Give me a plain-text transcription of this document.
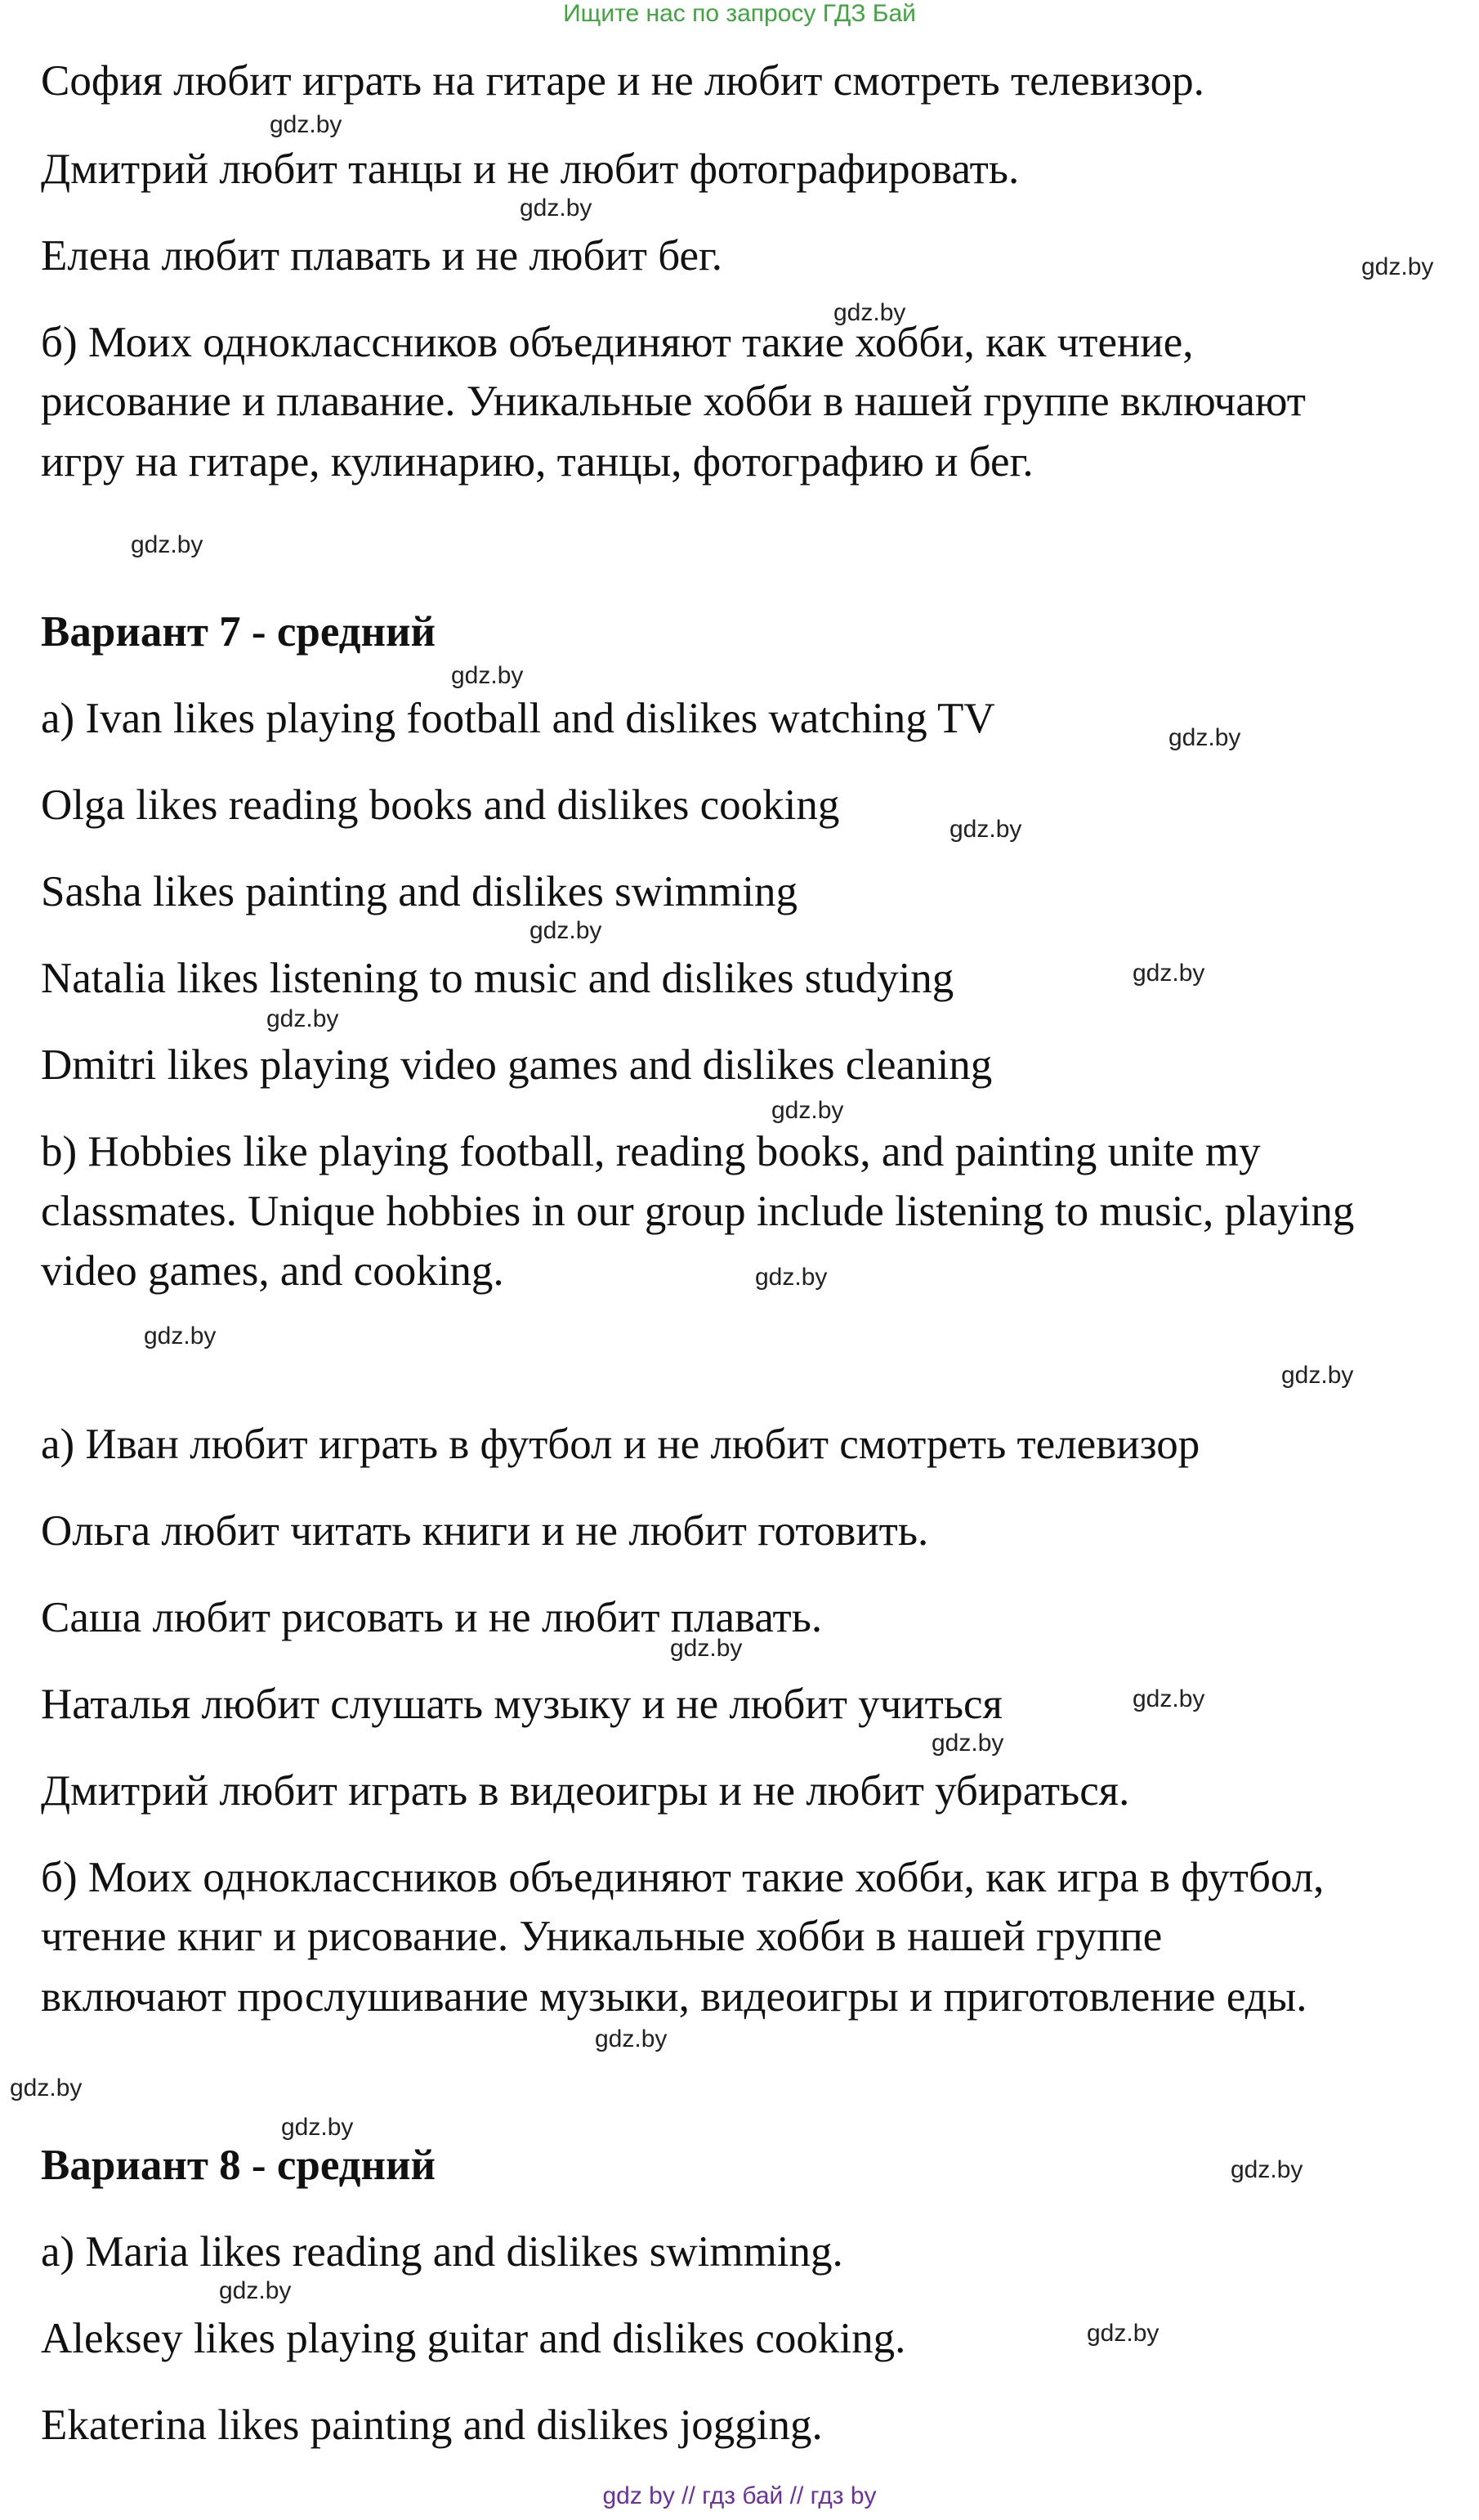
Ищите нас по запросу ГДЗ Бай

София любит играть на гитаре и не любит смотреть телевизор.

Дмитрий любит танцы и не любит фотографировать.

Елена любит плавать и не любит бег.

б) Моих одноклассников объединяют такие хобби, как чтение,

рисование и плавание. Уникальные хобби в нашей группе включают

игру на гитаре, кулинарию, танцы, фотографию и бег.

Вариант 7 - средний

a) Ivan likes playing football and dislikes watching TV

Olga likes reading books and dislikes cooking

Sasha likes painting and dislikes swimming

Natalia likes listening to music and dislikes studying

Dmitri likes playing video games and dislikes cleaning

b) Hobbies like playing football, reading books, and painting unite my

classmates. Unique hobbies in our group include listening to music, playing

video games, and cooking.

а) Иван любит играть в футбол и не любит смотреть телевизор

Ольга любит читать книги и не любит готовить.

Саша любит рисовать и не любит плавать.

Наталья любит слушать музыку и не любит учиться

Дмитрий любит играть в видеоигры и не любит убираться.

б) Моих одноклассников объединяют такие хобби, как игра в футбол,

чтение книг и рисование. Уникальные хобби в нашей группе

включают прослушивание музыки, видеоигры и приготовление еды.

Вариант 8 - средний

a) Maria likes reading and dislikes swimming.

Aleksey likes playing guitar and dislikes cooking.

Ekaterina likes painting and dislikes jogging.

gdz.by
gdz.by
gdz.by
gdz.by
gdz.by
gdz.by
gdz.by
gdz.by
gdz.by
gdz.by
gdz.by
gdz.by
gdz.by
gdz.by
gdz.by
gdz.by
gdz.by
gdz.by
gdz.by
gdz.by
gdz.by
gdz.by
gdz.by
gdz.by
gdz by // гдз бай // гдз by
